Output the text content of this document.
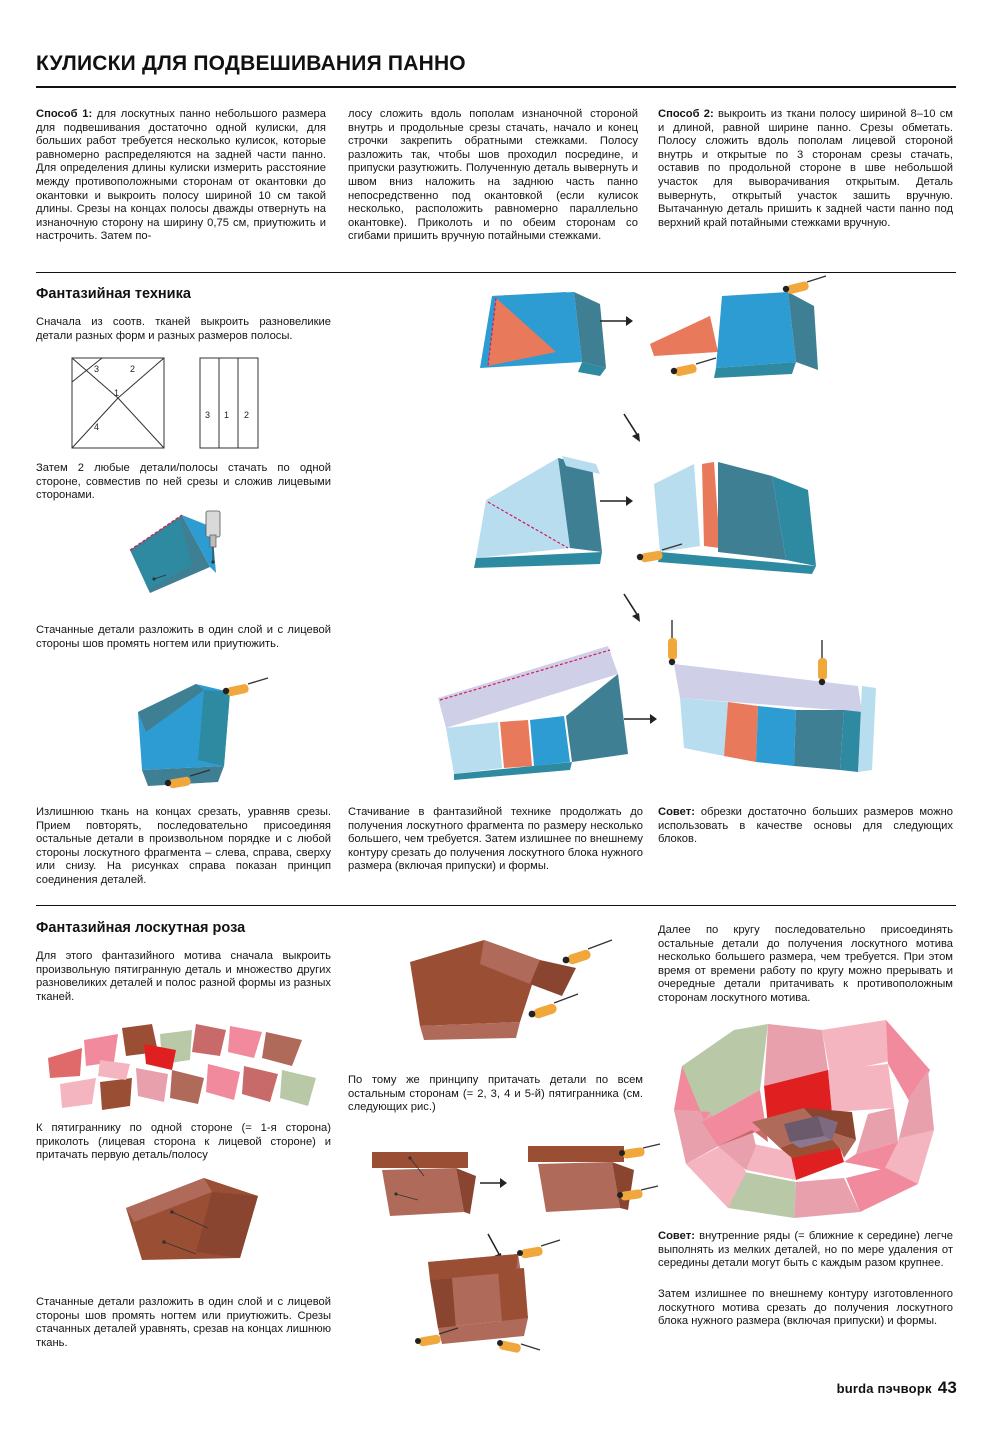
КУЛИСКИ ДЛЯ ПОДВЕШИВАНИЯ ПАННО
Способ 1: для лоскутных панно небольшого размера для подвешивания достаточно одной кулиски, для больших работ требуется несколько кулисок, которые равномерно распределяются на задней части панно. Для определения длины кулиски измерить расстояние между противоположными сторонам от окантовки до окантовки и выкроить полосу шириной 10 см такой длины. Срезы на концах полосы дважды отвернуть на изнаночную сторону на ширину 0,75 см, приутюжить и настрочить. Затем по-
лосу сложить вдоль пополам изнаночной стороной внутрь и продольные срезы стачать, начало и конец строчки закрепить обратными стежками. Полосу разложить так, чтобы шов проходил посредине, и припуски разутюжить. Полученную деталь вывернуть и швом вниз наложить на заднюю часть панно непосредственно под окантовкой (если кулисок несколько, расположить равномерно параллельно окантовке). Приколоть и по обеим сторонам со сгибами пришить вручную потайными стежками.
Способ 2: выкроить из ткани полосу шириной 8–10 см и длиной, равной ширине панно. Срезы обметать. Полосу сложить вдоль пополам лицевой стороной внутрь и открытые по 3 сторонам срезы стачать, оставив по продольной стороне в шве небольшой участок для выворачивания открытым. Деталь вывернуть, открытый участок зашить вручную. Вытачанную деталь пришить к задней части панно под верхний край потайными стежками вручную.
Фантазийная техника
Сначала из соотв. тканей выкроить разновеликие детали разных форм и разных размеров полосы.
3	2
1
4
3 1 2
Затем 2 любые детали/полосы стачать по одной стороне, совместив по ней срезы и сложив лицевыми сторонами.
Стачанные детали разложить в один слой и с лицевой стороны шов промять ногтем или приутюжить.
Излишнюю ткань на концах срезать, уравняв срезы. Прием повторять, последовательно присоединяя остальные детали в произвольном порядке и с любой стороны лоскутного фрагмента – слева, справа, сверху или снизу. На рисунках справа показан принцип соединения деталей.
Стачивание в фантазийной технике продолжать до получения лоскутного фрагмента по размеру несколько большего, чем требуется. Затем излишнее по внешнему контуру срезать до получения лоскутного блока нужного размера (включая припуски) и формы.
Совет: обрезки достаточно больших размеров можно использовать в качестве основы для следующих блоков.
Фантазийная лоскутная роза
Для этого фантазийного мотива сначала выкроить произвольную пятигранную деталь и множество других разновеликих деталей и полос разной формы из разных тканей.
К пятиграннику по одной стороне (= 1-я сторона) приколоть (лицевая сторона к лицевой стороне) и притачать первую деталь/полосу
Стачанные детали разложить в один слой и с лицевой стороны шов промять ногтем или приутюжить. Срезы стачанных деталей уравнять, срезав на концах лишнюю ткань.
По тому же принципу притачать детали по всем остальным сторонам (= 2, 3, 4 и 5-й) пятигранника (см. следующих рис.)
Далее по кругу последовательно присоединять остальные детали до получения лоскутного мотива несколько большего размера, чем требуется. При этом время от времени работу по кругу можно прерывать и очередные детали притачивать к противоположным сторонам лоскутного мотива.
Совет: внутренние ряды (= ближние к середине) легче выполнять из мелких деталей, но по мере удаления от середины детали могут быть с каждым разом крупнее.
Затем излишнее по внешнему контуру изготовленного лоскутного мотива срезать до получения лоскутного блока нужного размера (включая припуски) и формы.
burda пэчворк 43
